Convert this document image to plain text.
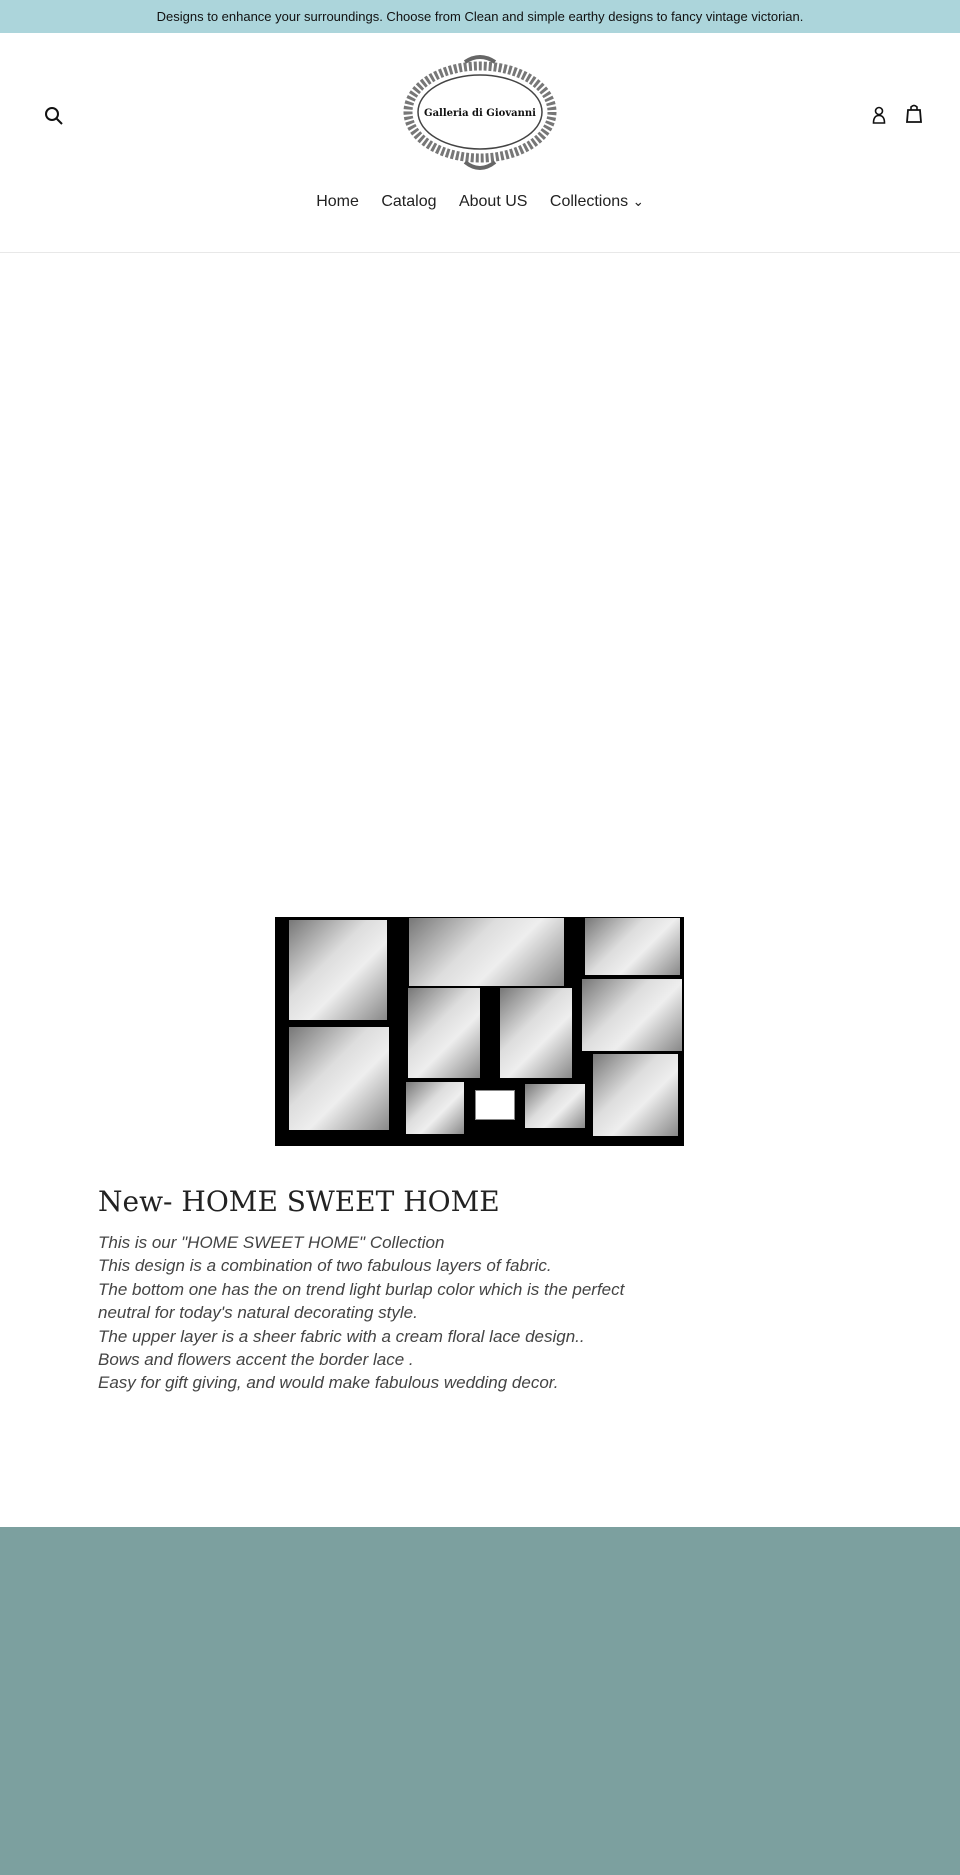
Designs to enhance your surroundings. Choose from Clean and simple earthy designs to fancy vintage victorian.
Galleria di Giovanni
Home Catalog About US Collections ⌄
New- HOME SWEET HOME
This is our "HOME SWEET HOME" Collection
This design is a combination of two fabulous layers of fabric.
The bottom one has the on trend light burlap color which is the perfect
neutral for today's natural decorating style.
The upper layer is a sheer fabric with a cream floral lace design..
Bows and flowers accent the border lace .
Easy for gift giving, and would make fabulous wedding decor.
